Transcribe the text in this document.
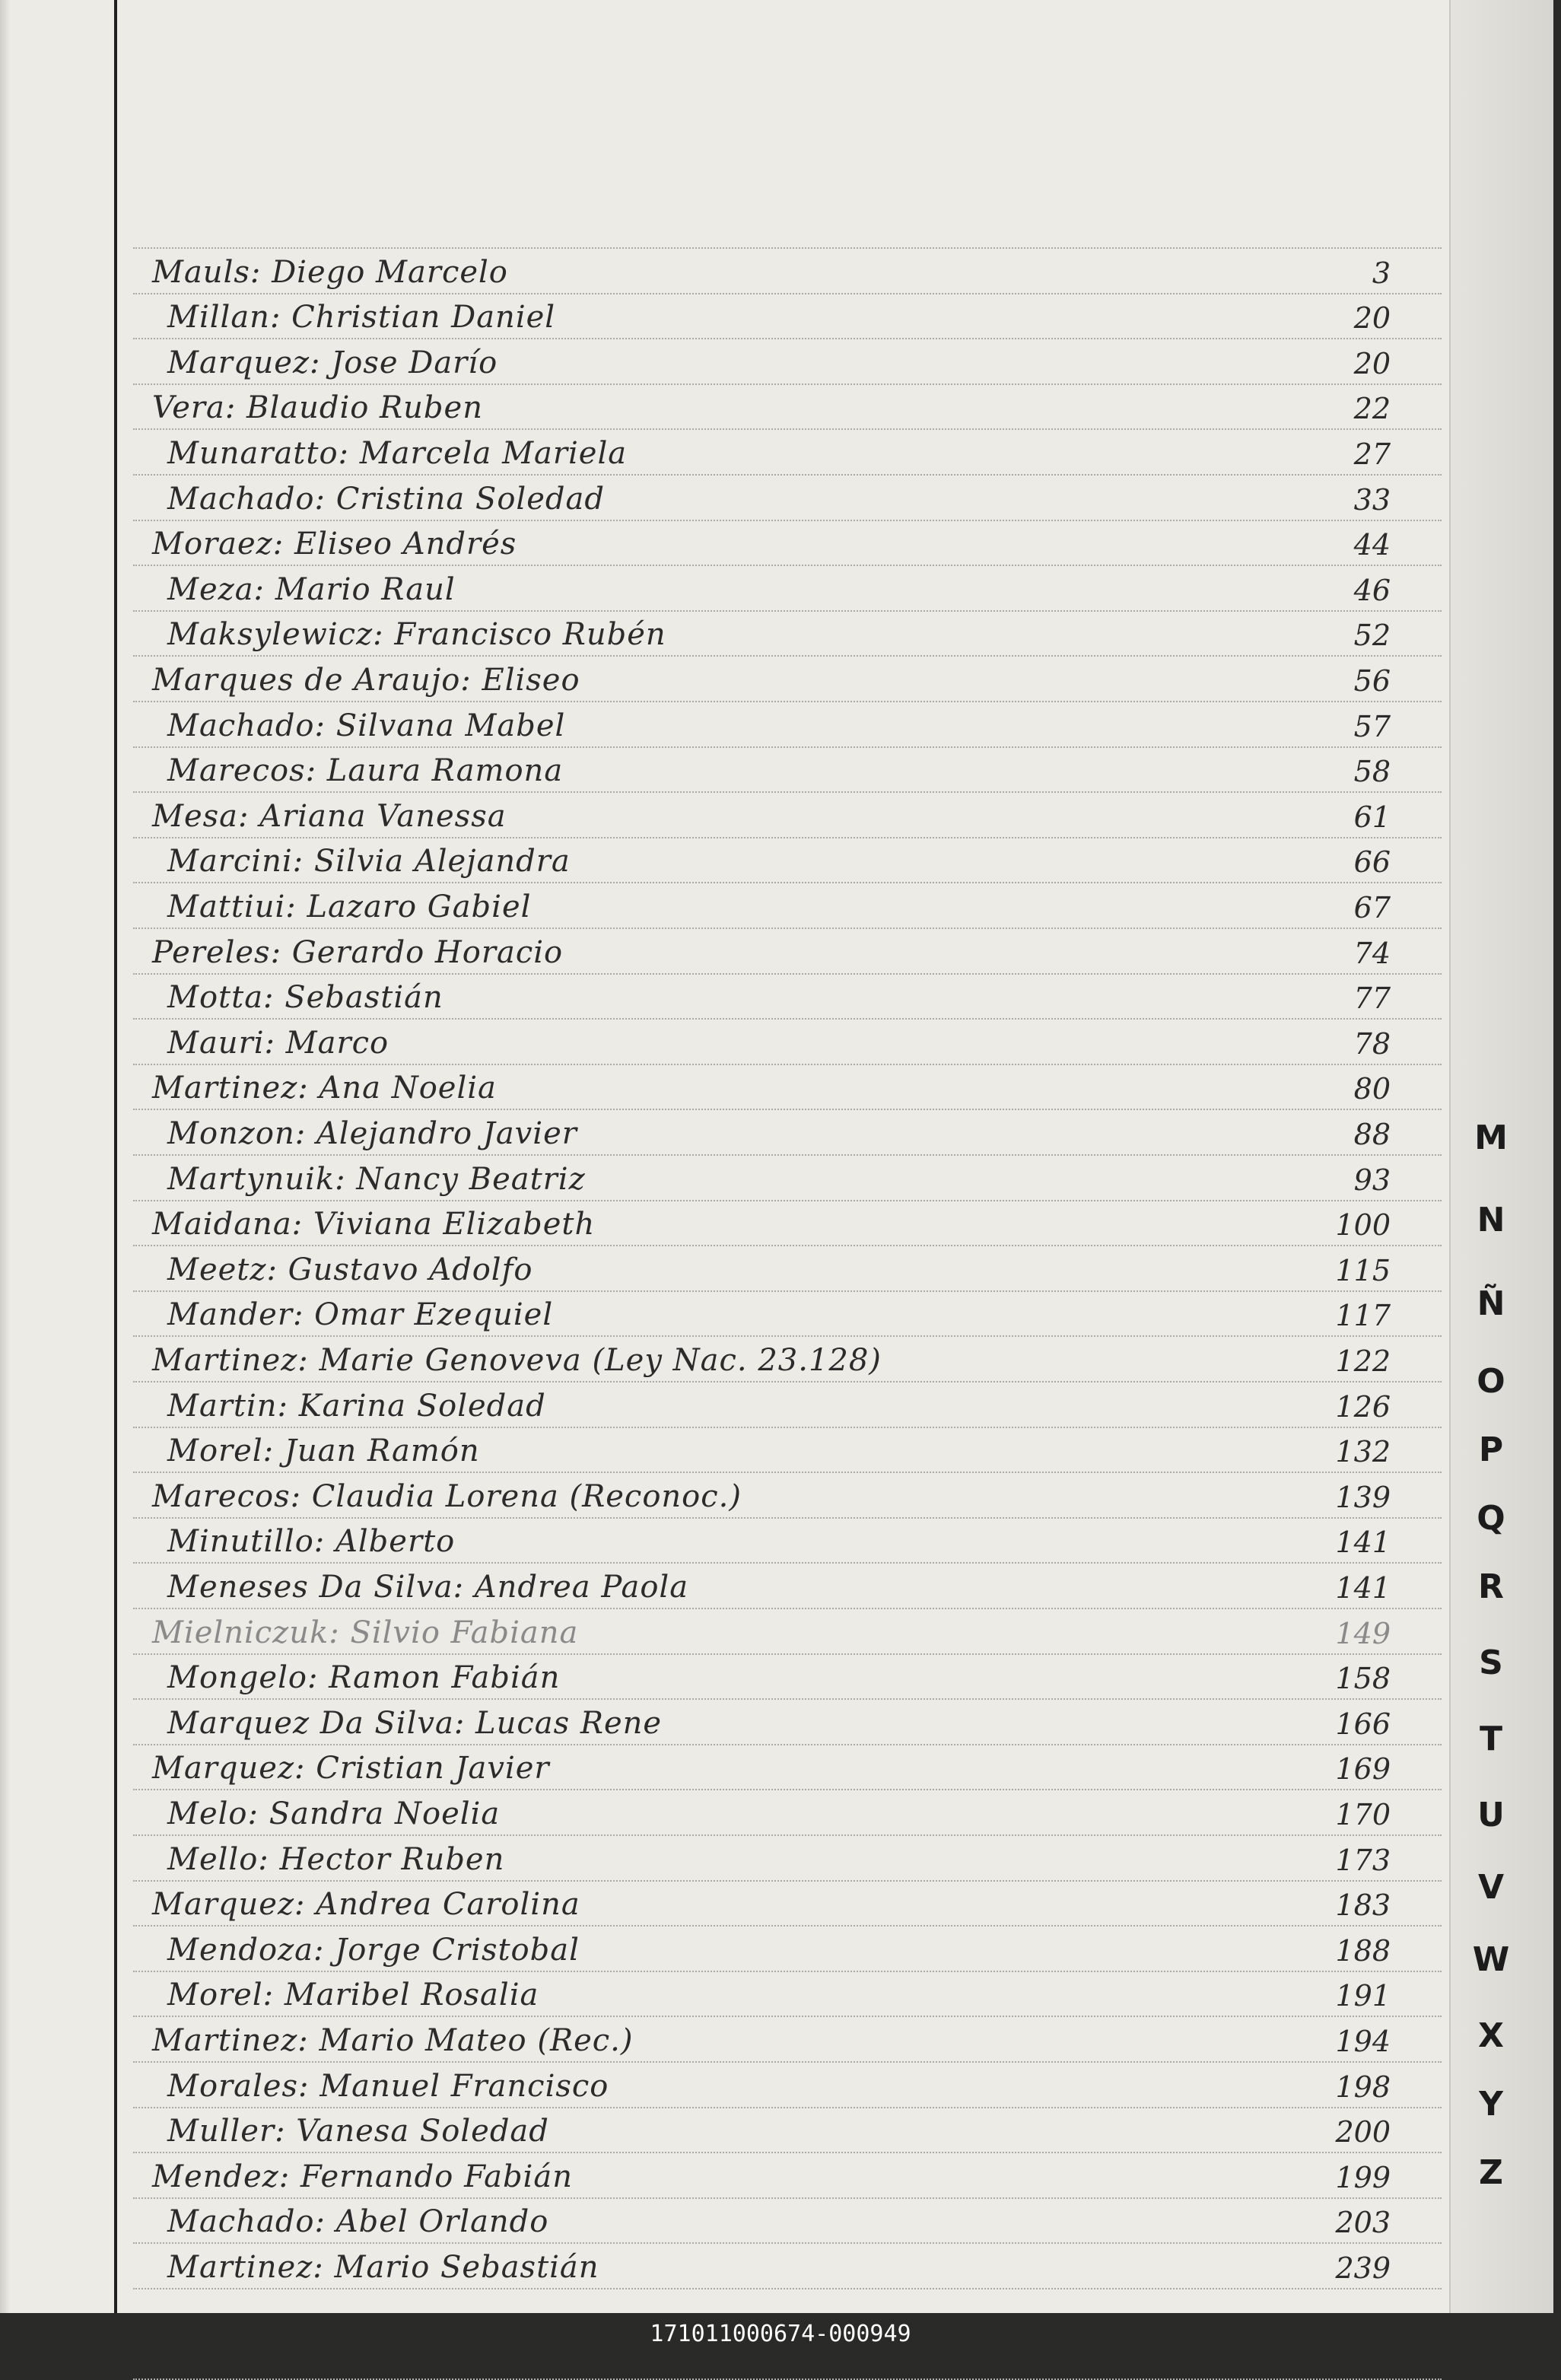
Mauls: Diego Marcelo	3
Millan: Christian Daniel	20
Marquez: Jose Darío	20
Vera: Blaudio Ruben	22
Munaratto: Marcela Mariela	27
Machado: Cristina Soledad	33
Moraez: Eliseo Andrés	44
Meza: Mario Raul	46
Maksylewicz: Francisco Rubén	52
Marques de Araujo: Eliseo	56
Machado: Silvana Mabel	57
Marecos: Laura Ramona	58
Mesa: Ariana Vanessa	61
Marcini: Silvia Alejandra	66
Mattiui: Lazaro Gabiel	67
Pereles: Gerardo Horacio	74
Motta: Sebastián	77
Mauri: Marco	78
Martinez: Ana Noelia	80
Monzon: Alejandro Javier	88
Martynuik: Nancy Beatriz	93
Maidana: Viviana Elizabeth	100
Meetz: Gustavo Adolfo	115
Mander: Omar Ezequiel	117
Martinez: Marie Genoveva (Ley Nac. 23.128)	122
Martin: Karina Soledad	126
Morel: Juan Ramón	132
Marecos: Claudia Lorena (Reconoc.)	139
Minutillo: Alberto	141
Meneses Da Silva: Andrea Paola	141
Mielniczuk: Silvio Fabiana	149
Mongelo: Ramon Fabián	158
Marquez Da Silva: Lucas Rene	166
Marquez: Cristian Javier	169
Melo: Sandra Noelia	170
Mello: Hector Ruben	173
Marquez: Andrea Carolina	183
Mendoza: Jorge Cristobal	188
Morel: Maribel Rosalia	191
Martinez: Mario Mateo (Rec.)	194
Morales: Manuel Francisco	198
Muller: Vanesa Soledad	200
Mendez: Fernando Fabián	199
Machado: Abel Orlando	203
Martinez: Mario Sebastián	239
M
N
Ñ
O
P
Q
R
S
T
U
V
W
X
Y
Z
171011000674-000949
